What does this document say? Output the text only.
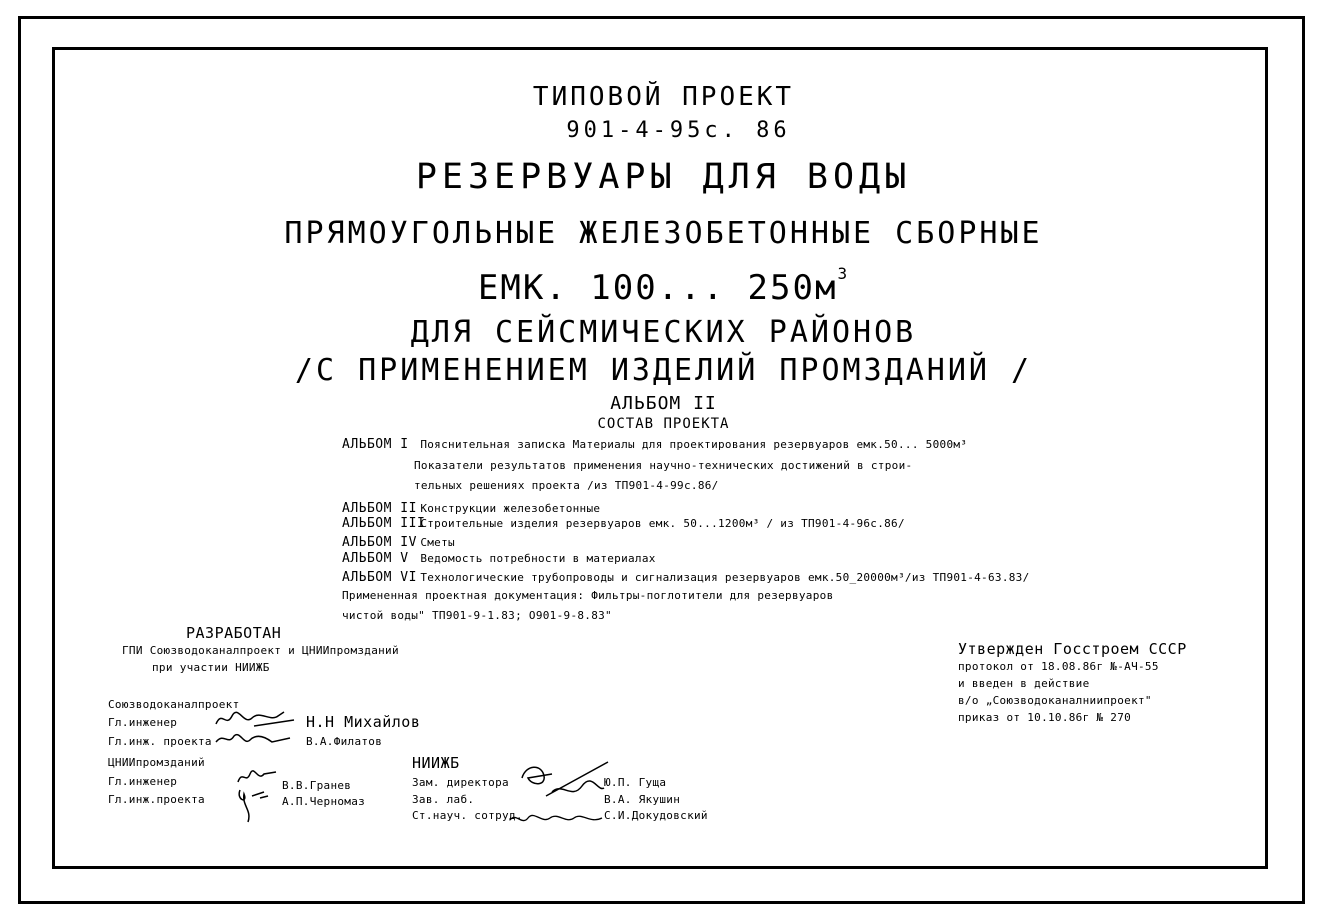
ТИПОВОЙ ПРОЕКТ
901-4-95с. 86
РЕЗЕРВУАРЫ ДЛЯ ВОДЫ
ПРЯМОУГОЛЬНЫЕ ЖЕЛЕЗОБЕТОННЫЕ СБОРНЫЕ
ЕМК. 100... $250м^3$
ДЛЯ СЕЙСМИЧЕСКИХ РАЙОНОВ
/С ПРИМЕНЕНИЕМ ИЗДЕЛИЙ ПРОМЗДАНИЙ /
АЛЬБОМ II
СОСТАВ ПРОЕКТА
АЛЬБОМ I Пояснительная записка Материалы для проектирования резервуаров емк.50... 5000м³
Показатели результатов применения научно-технических достижений в строи-
тельных решениях проекта /из ТП901-4-99с.86/
АЛЬБОМ II Конструкции железобетонные
АЛЬБОМ III Строительные изделия резервуаров емк. 50...1200м³ / из ТП901-4-96с.86/
АЛЬБОМ IV Сметы
АЛЬБОМ V Ведомость потребности в материалах
АЛЬБОМ VI Технологические трубопроводы и сигнализация резервуаров емк.50_20000м³/из ТП901-4-63.83/
Примененная проектная документация: Фильтры-поглотители для резервуаров
чистой воды" ТП901-9-1.83; О901-9-8.83"
РАЗРАБОТАН
ГПИ Союзводоканалпроект и ЦНИИпромзданий
при участии НИИЖБ
Утвержден Госстроем СССР
протокол от 18.08.86г №-АЧ-55
и введен в действие
в/о „Союзводоканалниипроект"
приказ от 10.10.86г № 270
Союзводоканалпроект
Гл.инженер	Н.Н Михайлов
Гл.инж. проекта	В.А.Филатов
ЦНИИпромзданий
Гл.инженер	В.В.Гранев
Гл.инж.проекта	А.П.Черномаз
НИИЖБ
Зам. директора	Ю.П. Гуща
Зав. лаб.	В.А. Якушин
Ст.науч. сотруд.	С.И.Докудовский
